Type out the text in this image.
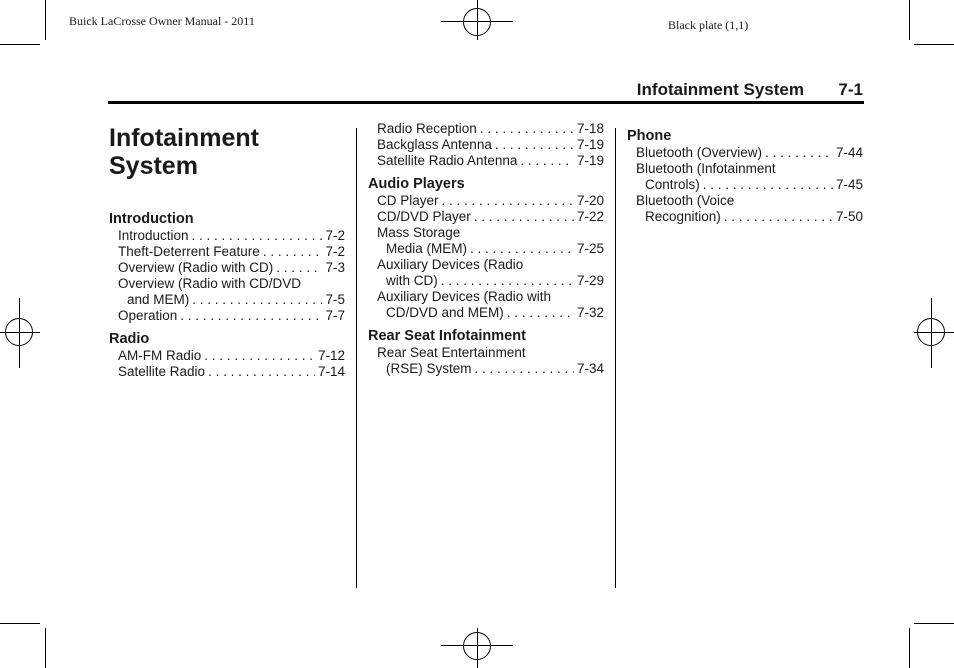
Buick LaCrosse Owner Manual - 2011	Black plate (1,1)
Infotainment System 7-1
Infotainment
System
Introduction
Introduction . . .	7-2
Theft-Deterrent Feature . . .	7-2
Overview (Radio with CD) . . .	7-3
Overview (Radio with CD/DVD
and MEM) . . .	7-5
Operation . . .	7-7
Radio
AM-FM Radio . . .	7-12
Satellite Radio . . .	7-14
Radio Reception . . .	7-18
Backglass Antenna . . .	7-19
Satellite Radio Antenna . . .	7-19
Audio Players
CD Player . . .	7-20
CD/DVD Player . . .	7-22
Mass Storage
Media (MEM) . . .	7-25
Auxiliary Devices (Radio
with CD) . . .	7-29
Auxiliary Devices (Radio with
CD/DVD and MEM) . . .	7-32
Rear Seat Infotainment
Rear Seat Entertainment
(RSE) System . . .	7-34
Phone
Bluetooth (Overview) . . .	7-44
Bluetooth (Infotainment
Controls) . . .	7-45
Bluetooth (Voice
Recognition) . . .	7-50
